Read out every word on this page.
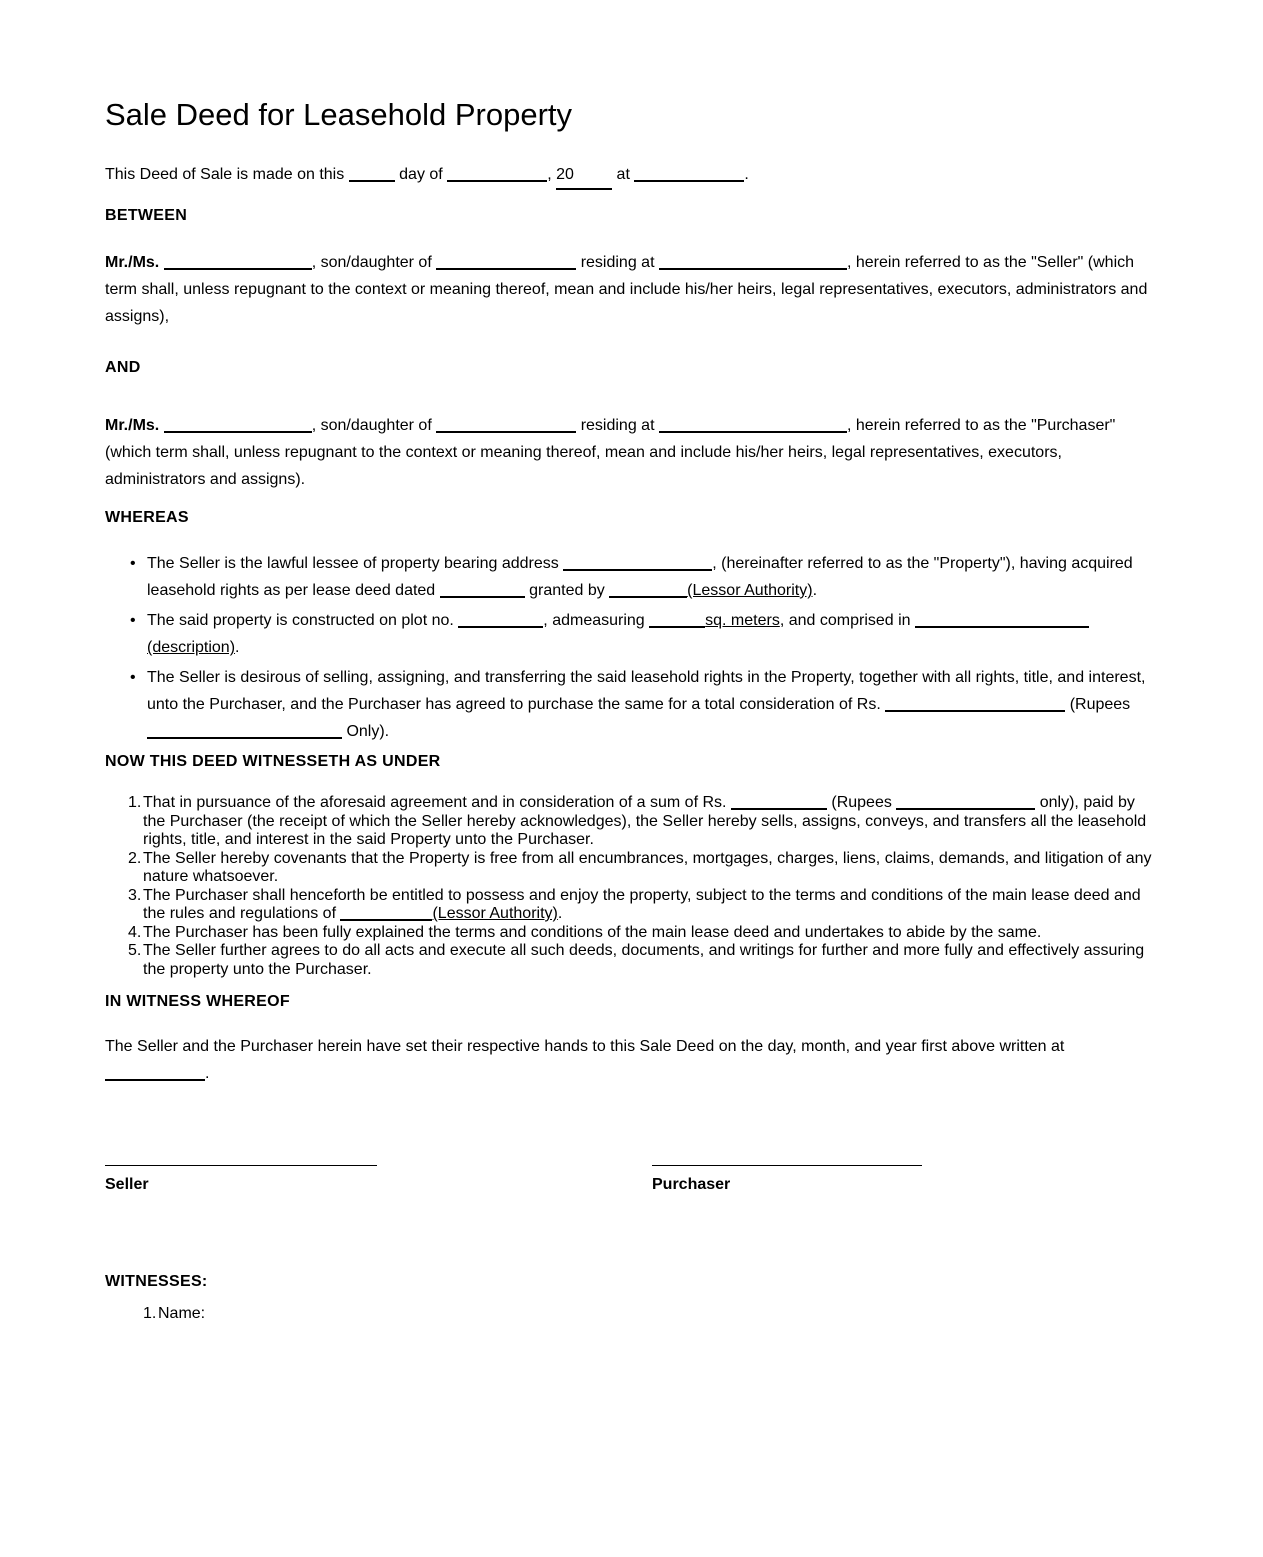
Sale Deed for Leasehold Property

This Deed of Sale is made on this	day of	, 20	at	.

BETWEEN

Mr./Ms.	, son/daughter of	residing at	, herein referred to as the "Seller" (which term shall, unless repugnant to the context or meaning thereof, mean and include his/her heirs, legal representatives, executors, administrators and assigns),

AND

Mr./Ms.	, son/daughter of	residing at	, herein referred to as the "Purchaser" (which term shall, unless repugnant to the context or meaning thereof, mean and include his/her heirs, legal representatives, executors, administrators and assigns).

WHEREAS

• The Seller is the lawful lessee of property bearing address	, (hereinafter referred to as the "Property"), having acquired leasehold rights as per lease deed dated	granted by	(Lessor Authority).
• The said property is constructed on plot no.	, admeasuring	sq. meters, and comprised in  (description).
• The Seller is desirous of selling, assigning, and transferring the said leasehold rights in the Property, together with all rights, title, and interest, unto the Purchaser, and the Purchaser has agreed to purchase the same for a total consideration of Rs.	(Rupees  Only).

NOW THIS DEED WITNESSETH AS UNDER

1. That in pursuance of the aforesaid agreement and in consideration of a sum of Rs.	(Rupees	only), paid by the Purchaser (the receipt of which the Seller hereby acknowledges), the Seller hereby sells, assigns, conveys, and transfers all the leasehold rights, title, and interest in the said Property unto the Purchaser.
2. The Seller hereby covenants that the Property is free from all encumbrances, mortgages, charges, liens, claims, demands, and litigation of any nature whatsoever.
3. The Purchaser shall henceforth be entitled to possess and enjoy the property, subject to the terms and conditions of the main lease deed and the rules and regulations of	(Lessor Authority).
4. The Purchaser has been fully explained the terms and conditions of the main lease deed and undertakes to abide by the same.
5. The Seller further agrees to do all acts and execute all such deeds, documents, and writings for further and more fully and effectively assuring the property unto the Purchaser.

IN WITNESS WHEREOF

The Seller and the Purchaser herein have set their respective hands to this Sale Deed on the day, month, and year first above written at .

Seller	Purchaser

WITNESSES:

1. Name:
